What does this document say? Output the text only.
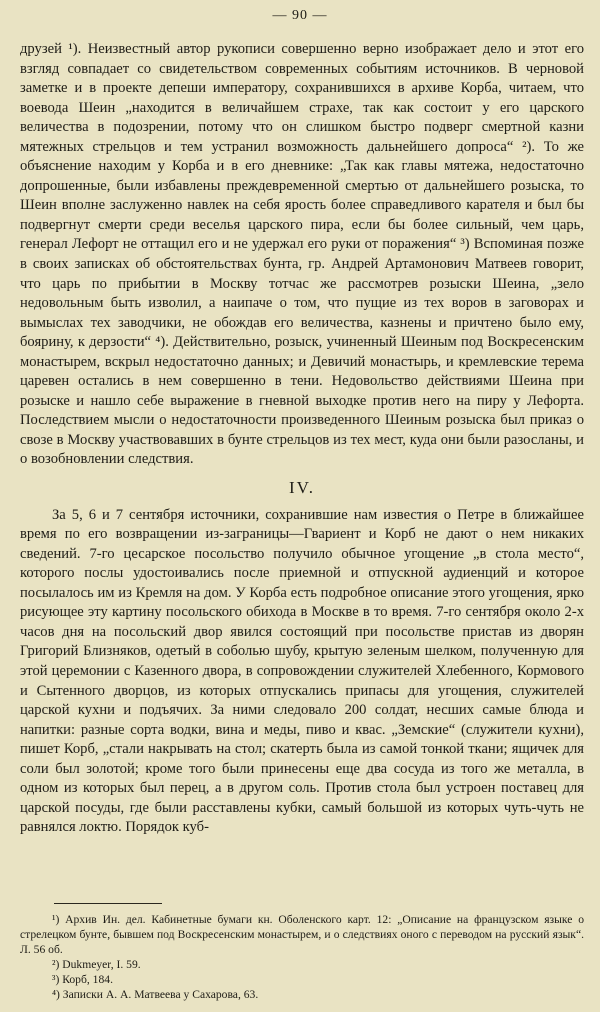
— 90 —

друзей ¹). Неизвестный автор рукописи совершенно верно изображает дело и этот его взгляд совпадает со свидетельством современных событиям источников. В черновой заметке и в проекте депеши императору, сохранившихся в архиве Корба, читаем, что воевода Шеин „находится в величайшем страхе, так как состоит у его царского величества в подозрении, потому что он слишком быстро подверг смертной казни мятежных стрельцов и тем устранил возможность дальнейшего допроса“ ²). То же объяснение находим у Корба и в его дневнике: „Так как главы мятежа, недостаточно допрошенные, были избавлены преждевременной смертью от дальнейшего розыска, то Шеин вполне заслуженно навлек на себя ярость более справедливого карателя и был бы подвергнут смерти среди веселья царского пира, если бы более сильный, чем царь, генерал Лефорт не оттащил его и не удержал его руки от поражения“ ³) Вспоминая позже в своих записках об обстоятельствах бунта, гр. Андрей Артамонович Матвеев говорит, что царь по прибытии в Москву тотчас же рассмотрев розыски Шеина, „зело недовольным быть изволил, а наипаче о том, что пущие из тех воров в заговорах и вымыслах тех заводчики, не обождав его величества, казнены и причтено было ему, боярину, к дерзости“ ⁴). Действительно, розыск, учиненный Шеиным под Воскресенским монастырем, вскрыл недостаточно данных; и Девичий монастырь, и кремлевские терема царевен остались в нем совершенно в тени. Недовольство действиями Шеина при розыске и нашло себе выражение в гневной выходке против него на пиру у Лефорта. Последствием мысли о недостаточности произведенного Шеиным розыска был приказ о свозе в Москву участвовавших в бунте стрельцов из тех мест, куда они были разосланы, и о возобновлении следствия.

IV.

За 5, 6 и 7 сентября источники, сохранившие нам известия о Петре в ближайшее время по его возвращении из-заграницы—Гвариент и Корб не дают о нем никаких сведений. 7-го цесарское посольство получило обычное угощение „в стола место“, которого послы удостоивались после приемной и отпускной аудиенций и которое посылалось им из Кремля на дом. У Корба есть подробное описание этого угощения, ярко рисующее эту картину посольского обихода в Москве в то время. 7-го сентября около 2-х часов дня на посольский двор явился состоящий при посольстве пристав из дворян Григорий Близняков, одетый в соболью шубу, крытую зеленым шелком, полученную для этой церемонии с Казенного двора, в сопровождении служителей Хлебенного, Кормового и Сытенного дворцов, из которых отпускались припасы для угощения, служителей царской кухни и подъячих. За ними следовало 200 солдат, несших самые блюда и напитки: разные сорта водки, вина и меды, пиво и квас. „Земские“ (служители кухни), пишет Корб, „стали накрывать на стол; скатерть была из самой тонкой ткани; ящичек для соли был золотой; кроме того были принесены еще два сосуда из того же металла, в одном из которых был перец, а в другом соль. Против стола был устроен поставец для царской посуды, где были расставлены кубки, самый большой из которых чуть-чуть не равнялся локтю. Порядок куб-

¹) Архив Ин. дел. Кабинетные бумаги кн. Оболенского карт. 12: „Описание на французском языке о стрелецком бунте, бывшем под Воскресенским монастырем, и о следствиях оного с переводом на русский язык“. Л. 56 об.

²) Dukmeyer, I. 59.

³) Корб, 184.

⁴) Записки А. А. Матвеева у Сахарова, 63.
